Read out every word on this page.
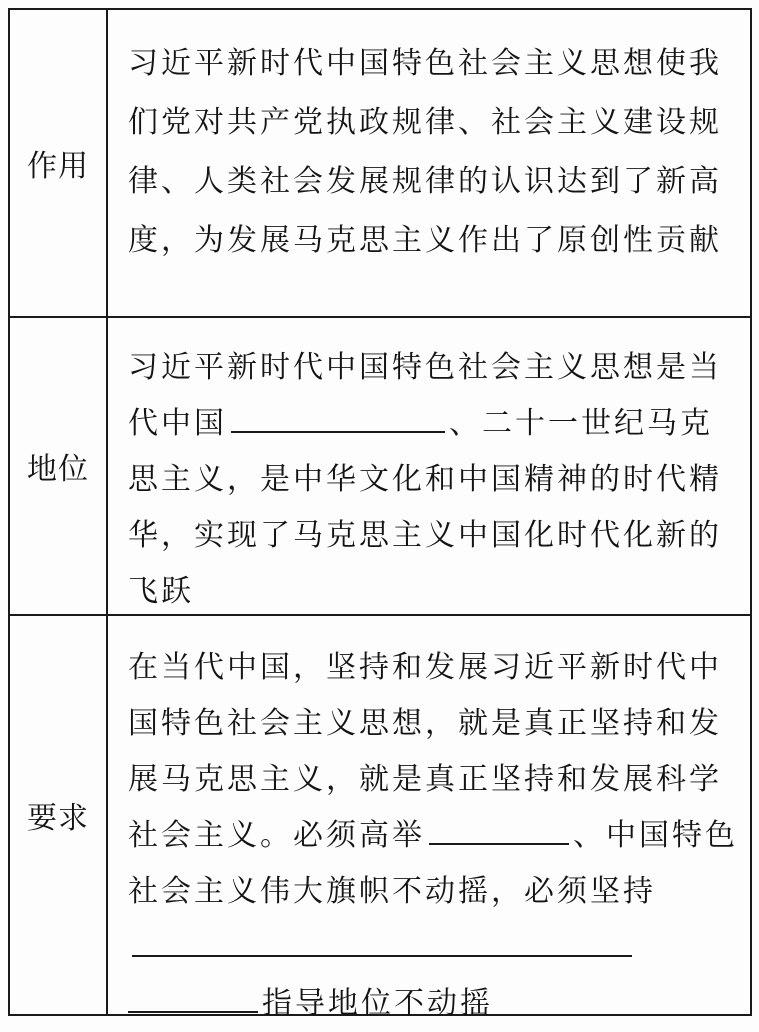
作用
习近平新时代中国特色社会主义思想使我们党对共产党执政规律、社会主义建设规律、人类社会发展规律的认识达到了新高度，为发展马克思主义作出了原创性贡献
地位
习近平新时代中国特色社会主义思想是当代中国	、二十一世纪马克思主义，是中华文化和中国精神的时代精华，实现了马克思主义中国化时代化新的飞跃
要求
在当代中国，坚持和发展习近平新时代中国特色社会主义思想，就是真正坚持和发展马克思主义，就是真正坚持和发展科学社会主义。必须高举	、中国特色社会主义伟大旗帜不动摇，必须坚持指导地位不动摇
